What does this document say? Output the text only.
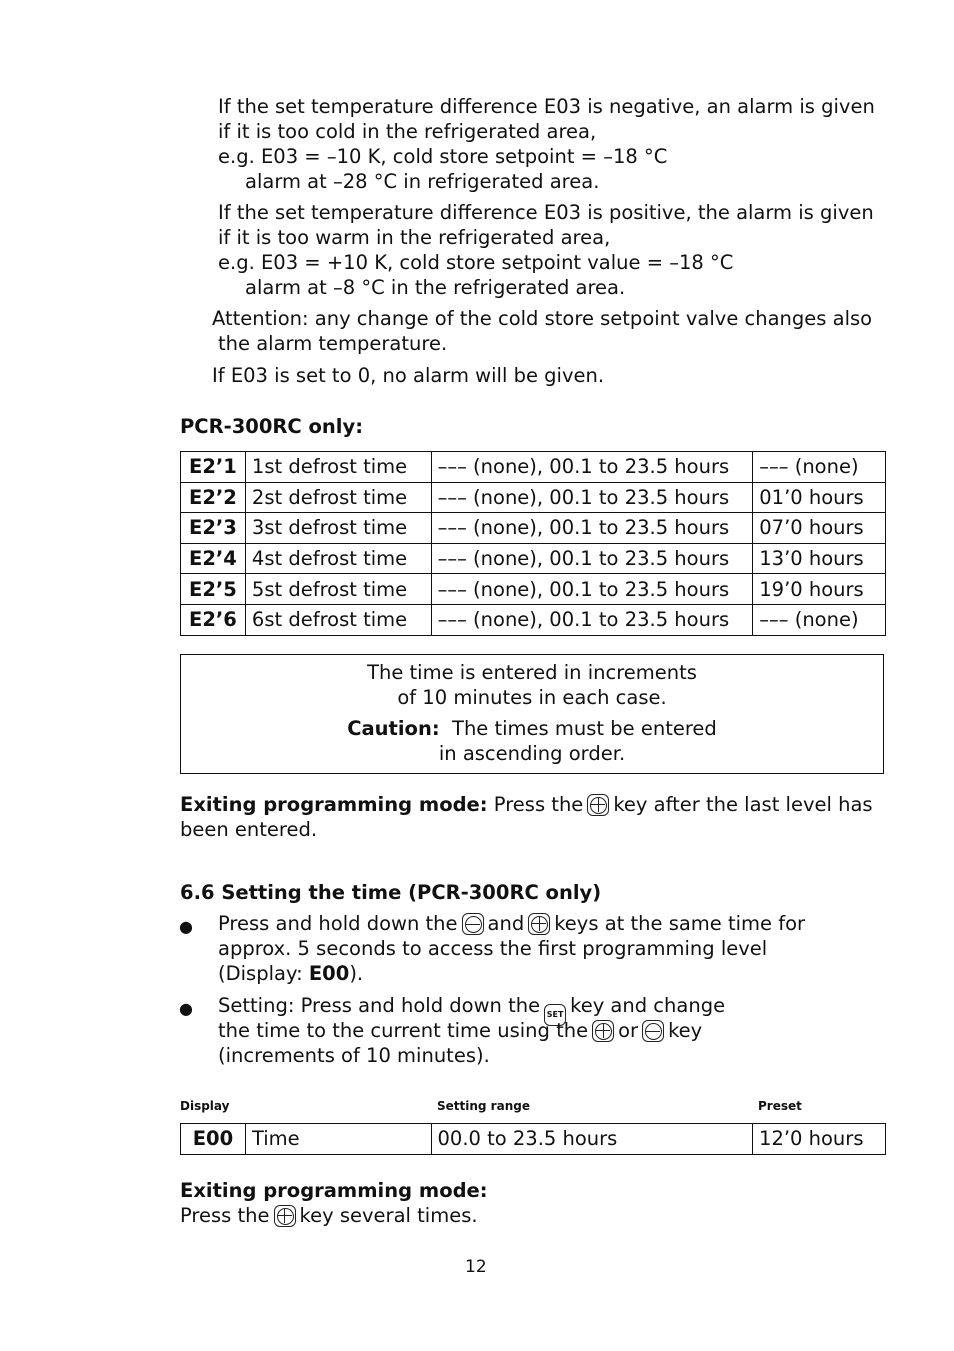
If the set temperature difference E03 is negative, an alarm is given
if it is too cold in the refrigerated area,
e.g. E03 = –10 K, cold store setpoint = –18 °C
alarm at –28 °C in refrigerated area.
If the set temperature difference E03 is positive, the alarm is given
if it is too warm in the refrigerated area,
e.g. E03 = +10 K, cold store setpoint value = –18 °C
alarm at –8 °C in the refrigerated area.
Attention: any change of the cold store setpoint valve changes also
the alarm temperature.
If E03 is set to 0, no alarm will be given.
PCR-300RC only:
E2’1	1st defrost time	––– (none), 00.1 to 23.5 hours	––– (none)
E2’2	2st defrost time	––– (none), 00.1 to 23.5 hours	01’0 hours
E2’3	3st defrost time	––– (none), 00.1 to 23.5 hours	07’0 hours
E2’4	4st defrost time	––– (none), 00.1 to 23.5 hours	13’0 hours
E2’5	5st defrost time	––– (none), 00.1 to 23.5 hours	19’0 hours
E2’6	6st defrost time	––– (none), 00.1 to 23.5 hours	––– (none)
The time is entered in increments
of 10 minutes in each case.
Caution: The times must be entered
in ascending order.
Exiting programming mode: Press the key after the last level has
been entered.
6.6 Setting the time (PCR-300RC only)
● Press and hold down the and keys at the same time for
approx. 5 seconds to access the first programming level
(Display: E00).
● Setting: Press and hold down the SET key and change
the time to the current time using the or key
(increments of 10 minutes).
Display	Setting range	Preset
E00	Time	00.0 to 23.5 hours	12’0 hours
Exiting programming mode:
Press the key several times.
12
